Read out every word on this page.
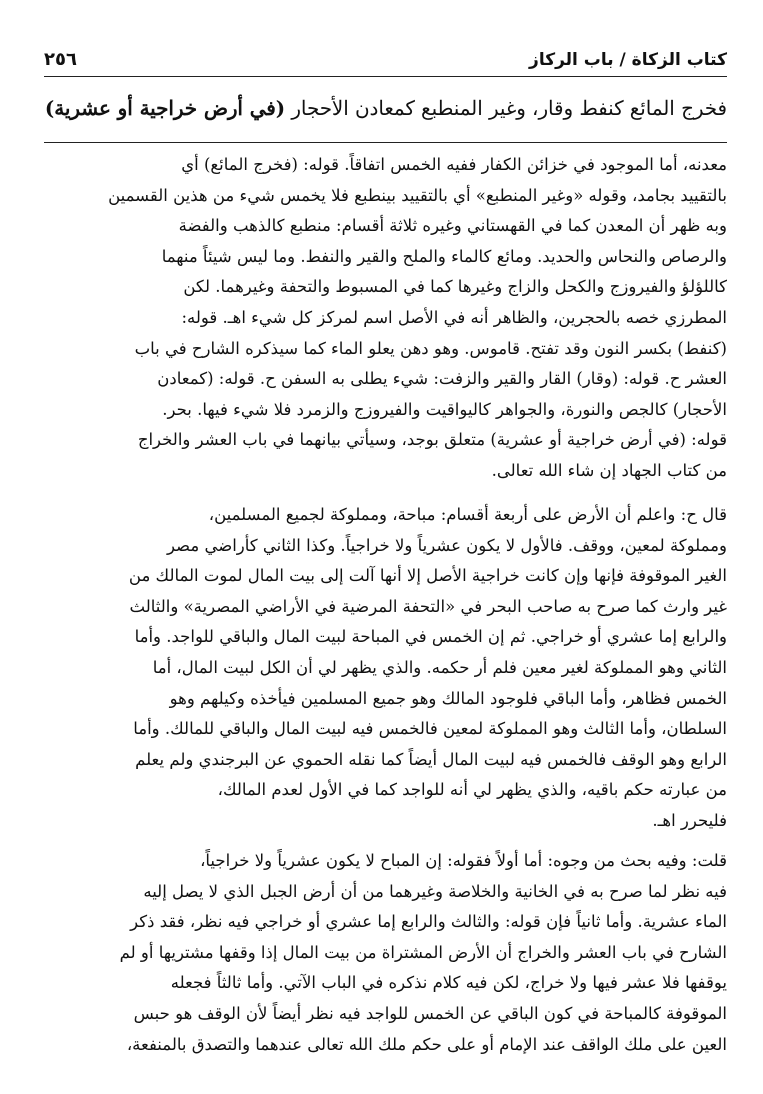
كتاب الزكاة / باب الركاز
٢٥٦
فخرج المائع كنفط وقار، وغير المنطبع كمعادن الأحجار (في أرض خراجية أو عشرية)
معدنه، أما الموجود في خزائن الكفار ففيه الخمس اتفاقاً. قوله: (فخرج المائع) أي
بالتقييد بجامد، وقوله «وغير المنطبع» أي بالتقييد بينطبع فلا يخمس شيء من هذين القسمين
وبه ظهر أن المعدن كما في القهستاني وغيره ثلاثة أقسام: منطبع كالذهب والفضة
والرصاص والنحاس والحديد. ومائع كالماء والملح والقير والنفط. وما ليس شيئاً منهما
كاللؤلؤ والفيروزج والكحل والزاج وغيرها كما في المسبوط والتحفة وغيرهما. لكن
المطرزي خصه بالحجرين، والظاهر أنه في الأصل اسم لمركز كل شيء اهـ. قوله:
(كنفط) بكسر النون وقد تفتح. قاموس. وهو دهن يعلو الماء كما سيذكره الشارح في باب
العشر ح. قوله: (وقار) القار والقير والزفت: شيء يطلى به السفن ح. قوله: (كمعادن
الأحجار) كالجص والنورة، والجواهر كاليواقيت والفيروزج والزمرد فلا شيء فيها. بحر.
قوله: (في أرض خراجية أو عشرية) متعلق بوجد، وسيأتي بيانهما في باب العشر والخراج
من كتاب الجهاد إن شاء الله تعالى.
قال ح: واعلم أن الأرض على أربعة أقسام: مباحة، ومملوكة لجميع المسلمين،
ومملوكة لمعين، ووقف. فالأول لا يكون عشرياً ولا خراجياً. وكذا الثاني كأراضي مصر
الغير الموقوفة فإنها وإن كانت خراجية الأصل إلا أنها آلت إلى بيت المال لموت المالك من
غير وارث كما صرح به صاحب البحر في «التحفة المرضية في الأراضي المصرية» والثالث
والرابع إما عشري أو خراجي. ثم إن الخمس في المباحة لبيت المال والباقي للواجد. وأما
الثاني وهو المملوكة لغير معين فلم أر حكمه. والذي يظهر لي أن الكل لبيت المال، أما
الخمس فظاهر، وأما الباقي فلوجود المالك وهو جميع المسلمين فيأخذه وكيلهم وهو
السلطان، وأما الثالث وهو المملوكة لمعين فالخمس فيه لبيت المال والباقي للمالك. وأما
الرابع وهو الوقف فالخمس فيه لبيت المال أيضاً كما نقله الحموي عن البرجندي ولم يعلم
من عبارته حكم باقيه، والذي يظهر لي أنه للواجد كما في الأول لعدم المالك،
فليحرر اهـ.
قلت: وفيه بحث من وجوه: أما أولاً فقوله: إن المباح لا يكون عشرياً ولا خراجياً،
فيه نظر لما صرح به في الخانية والخلاصة وغيرهما من أن أرض الجبل الذي لا يصل إليه
الماء عشرية. وأما ثانياً فإن قوله: والثالث والرابع إما عشري أو خراجي فيه نظر، فقد ذكر
الشارح في باب العشر والخراج أن الأرض المشتراة من بيت المال إذا وقفها مشتريها أو لم
يوقفها فلا عشر فيها ولا خراج، لكن فيه كلام نذكره في الباب الآتي. وأما ثالثاً فجعله
الموقوفة كالمباحة في كون الباقي عن الخمس للواجد فيه نظر أيضاً لأن الوقف هو حبس
العين على ملك الواقف عند الإمام أو على حكم ملك الله تعالى عندهما والتصدق بالمنفعة،
